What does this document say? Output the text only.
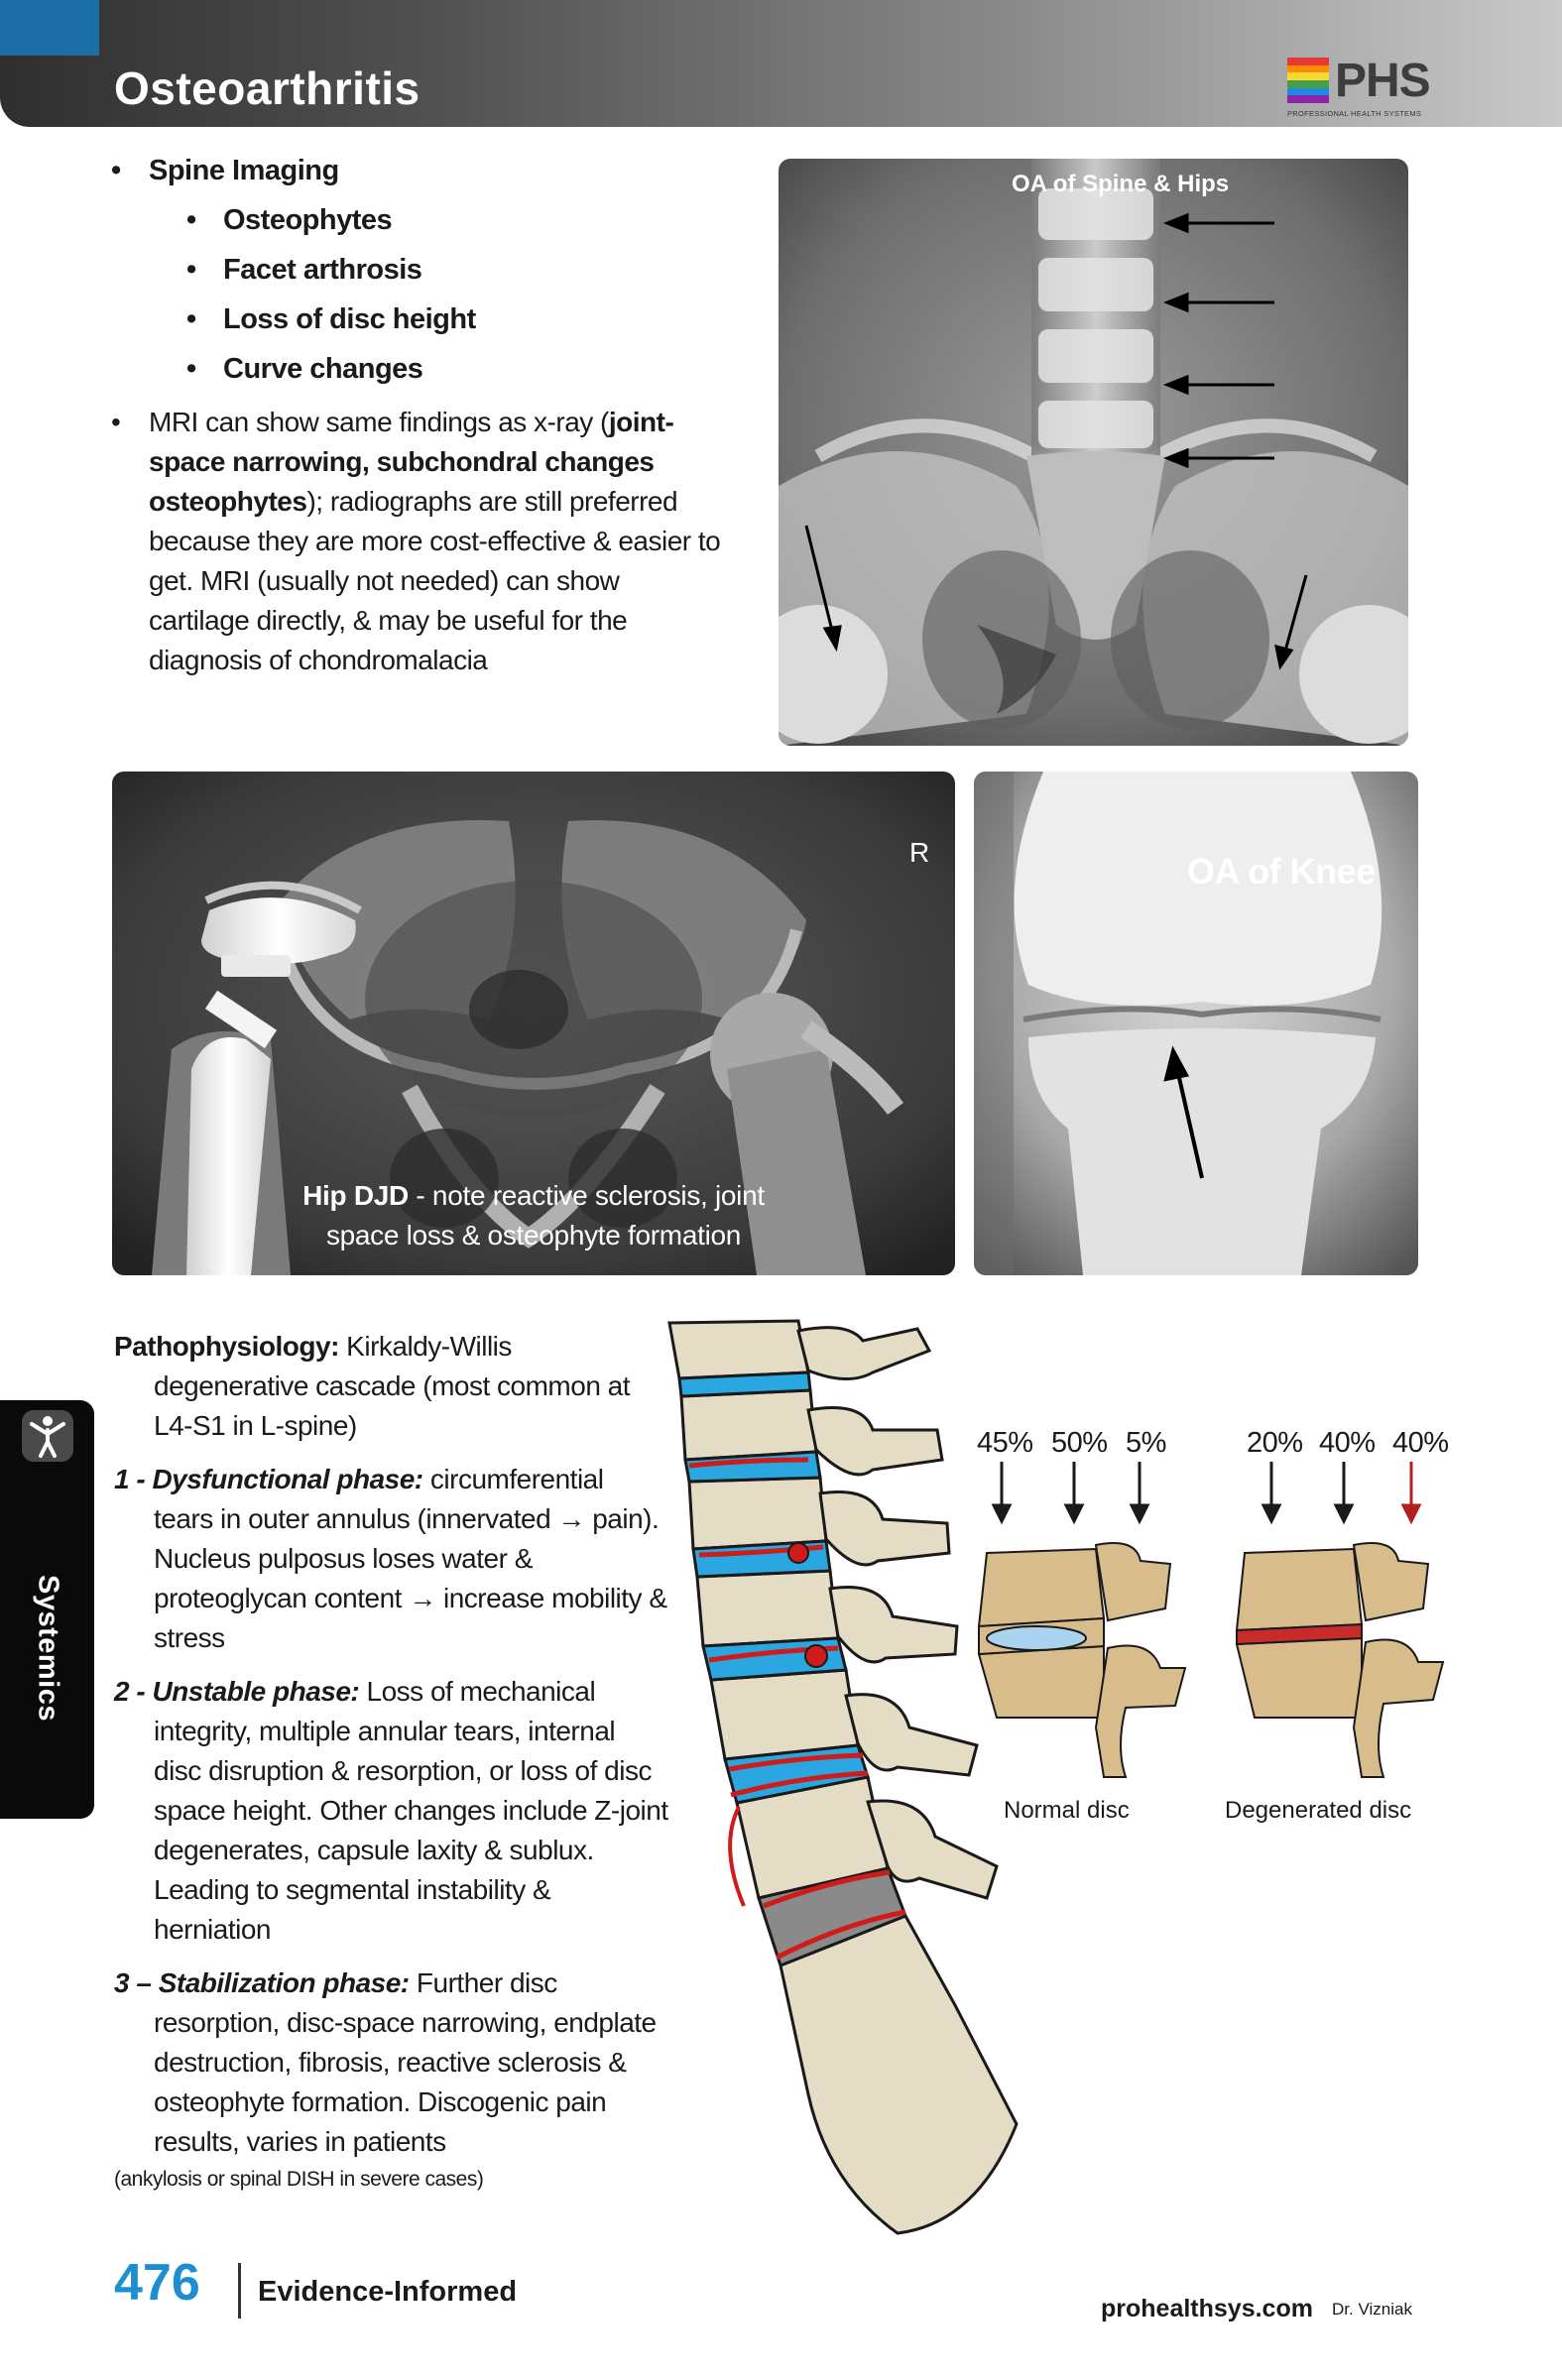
Osteoarthritis	PHS
PROFESSIONAL HEALTH SYSTEMS
• Spine Imaging
• Osteophytes
• Facet arthrosis
• Loss of disc height
• Curve changes
• MRI can show same findings as x-ray (joint-space narrowing, subchondral changes osteophytes); radiographs are still preferred because they are more cost-effective & easier to get. MRI (usually not needed) can show cartilage directly, & may be useful for the diagnosis of chondromalacia
OA of Spine & Hips
R
Hip DJD - note reactive sclerosis, joint
space loss & osteophyte formation
OA of Knee

Pathophysiology: Kirkaldy-Willis degenerative cascade (most common at L4-S1 in L-spine)

1 - Dysfunctional phase: circumferential tears in outer annulus (innervated → pain). Nucleus pulposus loses water & proteoglycan content → increase mobility & stress

2 - Unstable phase: Loss of mechanical integrity, multiple annular tears, internal disc disruption & resorption, or loss of disc space height. Other changes include Z-joint degenerates, capsule laxity & sublux. Leading to segmental instability & herniation

3 – Stabilization phase: Further disc resorption, disc-space narrowing, endplate destruction, fibrosis, reactive sclerosis & osteophyte formation. Discogenic pain results, varies in patients

(ankylosis or spinal DISH in severe cases)

Systemics
45% 50% 5%	20% 40% 40%
Normal disc	Degenerated disc
476 Evidence-Informed
prohealthsys.com Dr. Vizniak
